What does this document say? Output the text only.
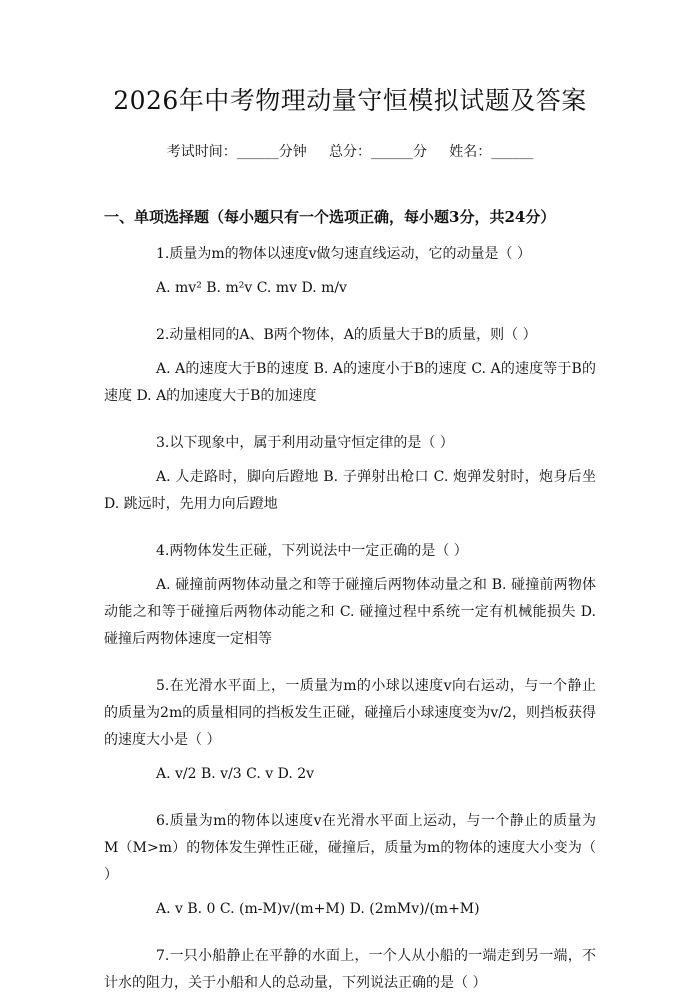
2026年中考物理动量守恒模拟试题及答案
考试时间：______分钟     总分：______分     姓名：______
一、单项选择题（每小题只有一个选项正确，每小题3分，共24分）
1.质量为m的物体以速度v做匀速直线运动，它的动量是（ ）
A. mv² B. m²v C. mv D. m/v
2.动量相同的A、B两个物体，A的质量大于B的质量，则（ ）
A. A的速度大于B的速度 B. A的速度小于B的速度 C. A的速度等于B的速度 D. A的加速度大于B的加速度
3.以下现象中，属于利用动量守恒定律的是（ ）
A. 人走路时，脚向后蹬地 B. 子弹射出枪口 C. 炮弹发射时，炮身后坐 D. 跳远时，先用力向后蹬地
4.两物体发生正碰，下列说法中一定正确的是（ ）
A. 碰撞前两物体动量之和等于碰撞后两物体动量之和 B. 碰撞前两物体动能之和等于碰撞后两物体动能之和 C. 碰撞过程中系统一定有机械能损失 D. 碰撞后两物体速度一定相等
5.在光滑水平面上，一质量为m的小球以速度v向右运动，与一个静止的质量为2m的质量相同的挡板发生正碰，碰撞后小球速度变为v/2，则挡板获得的速度大小是（ ）
A. v/2 B. v/3 C. v D. 2v
6.质量为m的物体以速度v在光滑水平面上运动，与一个静止的质量为M（M>m）的物体发生弹性正碰，碰撞后，质量为m的物体的速度大小变为（ ）
A. v B. 0 C. (m-M)v/(m+M) D. (2mMv)/(m+M)
7.一只小船静止在平静的水面上，一个人从小船的一端走到另一端，不计水的阻力，关于小船和人的总动量，下列说法正确的是（ ）
